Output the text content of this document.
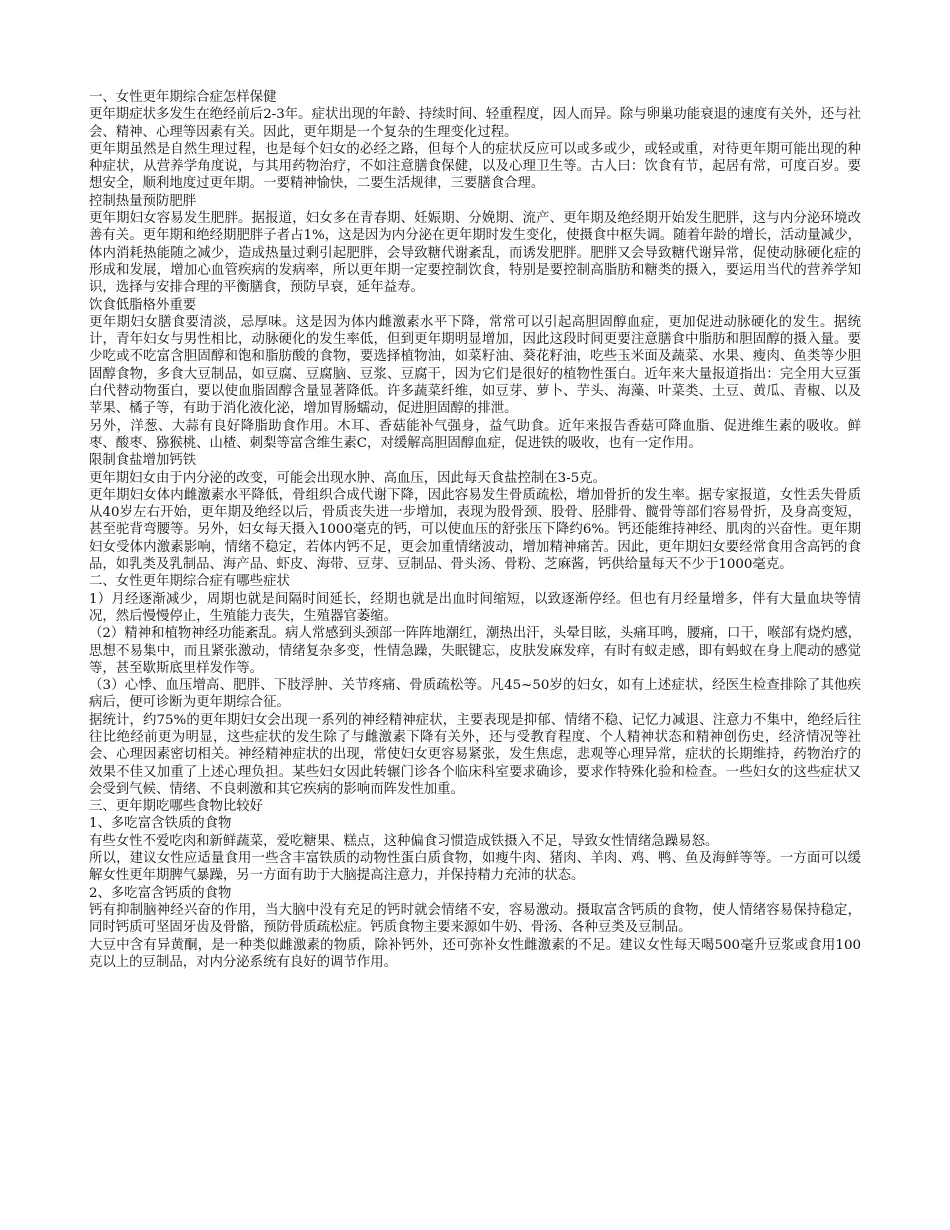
一、女性更年期综合症怎样保健

更年期症状多发生在绝经前后2-3年。症状出现的年龄、持续时间、轻重程度，因人而异。除与卵巢功能衰退的速度有关外，还与社会、精神、心理等因素有关。因此，更年期是一个复杂的生理变化过程。

更年期虽然是自然生理过程，也是每个妇女的必经之路，但每个人的症状反应可以或多或少，或轻或重，对待更年期可能出现的种种症状，从营养学角度说，与其用药物治疗，不如注意膳食保健，以及心理卫生等。古人曰：饮食有节，起居有常，可度百岁。要想安全，顺利地度过更年期。一要精神愉快，二要生活规律，三要膳食合理。

控制热量预防肥胖

更年期妇女容易发生肥胖。据报道，妇女多在青春期、妊娠期、分娩期、流产、更年期及绝经期开始发生肥胖，这与内分泌环境改善有关。更年期和绝经期肥胖子者占1%，这是因为内分泌在更年期时发生变化，使摄食中枢失调。随着年龄的增长，活动量减少，体内消耗热能随之减少，造成热量过剩引起肥胖，会导致糖代谢紊乱，而诱发肥胖。肥胖又会导致糖代谢异常，促使动脉硬化症的形成和发展，增加心血管疾病的发病率，所以更年期一定要控制饮食，特别是要控制高脂肪和糖类的摄入，要运用当代的营养学知识，选择与安排合理的平衡膳食，预防早衰，延年益寿。

饮食低脂格外重要

更年期妇女膳食要清淡，忌厚味。这是因为体内雌激素水平下降，常常可以引起高胆固醇血症，更加促进动脉硬化的发生。据统计，青年妇女与男性相比，动脉硬化的发生率低，但到更年期明显增加，因此这段时间更要注意膳食中脂肪和胆固醇的摄入量。要少吃或不吃富含胆固醇和饱和脂肪酸的食物，要选择植物油，如菜籽油、葵花籽油，吃些玉米面及蔬菜、水果、瘦肉、鱼类等少胆固醇食物，多食大豆制品，如豆腐、豆腐脑、豆浆、豆腐干，因为它们是很好的植物性蛋白。近年来大量报道指出：完全用大豆蛋白代替动物蛋白，要以使血脂固醇含量显著降低。许多蔬菜纤维，如豆芽、萝卜、芋头、海藻、叶菜类、土豆、黄瓜、青椒、以及苹果、橘子等，有助于消化液化泌，增加胃肠蠕动，促进胆固醇的排泄。

另外，洋葱、大蒜有良好降脂助食作用。木耳、香菇能补气强身，益气助食。近年来报告香菇可降血脂、促进维生素的吸收。鲜枣、酸枣、猕猴桃、山楂、刺梨等富含维生素C，对缓解高胆固醇血症，促进铁的吸收，也有一定作用。

限制食盐增加钙铁

更年期妇女由于内分泌的改变，可能会出现水肿、高血压，因此每天食盐控制在3-5克。

更年期妇女体内雌激素水平降低，骨组织合成代谢下降，因此容易发生骨质疏松，增加骨折的发生率。据专家报道，女性丢失骨质从40岁左右开始，更年期及绝经以后，骨质丧失进一步增加，表现为股骨颈、股骨、胫腓骨、髋骨等部们容易骨折，及身高变短，甚至驼背弯腰等。另外，妇女每天摄入1000毫克的钙，可以使血压的舒张压下降约6%。钙还能维持神经、肌肉的兴奋性。更年期妇女受体内激素影响，情绪不稳定，若体内钙不足，更会加重情绪波动，增加精神痛苦。因此，更年期妇女要经常食用含高钙的食品，如乳类及乳制品、海产品、虾皮、海带、豆芽、豆制品、骨头汤、骨粉、芝麻酱，钙供给量每天不少于1000毫克。

二、女性更年期综合症有哪些症状

1）月经逐渐减少，周期也就是间隔时间延长，经期也就是出血时间缩短，以致逐渐停经。但也有月经量增多，伴有大量血块等情况，然后慢慢停止，生殖能力丧失，生殖器官萎缩。

（2）精神和植物神经功能紊乱。病人常感到头颈部一阵阵地潮红，潮热出汗，头晕目眩，头痛耳鸣，腰痛，口干，喉部有烧灼感，思想不易集中，而且紧张激动，情绪复杂多变，性情急躁，失眠键忘，皮肤发麻发痒，有时有蚁走感，即有蚂蚁在身上爬动的感觉等，甚至歇斯底里样发作等。

（3）心悸、血压增高、肥胖、下肢浮肿、关节疼痛、骨质疏松等。凡45~50岁的妇女，如有上述症状，经医生检查排除了其他疾病后，便可诊断为更年期综合征。

据统计，约75%的更年期妇女会出现一系列的神经精神症状，主要表现是抑郁、情绪不稳、记忆力减退、注意力不集中，绝经后往往比绝经前更为明显，这些症状的发生除了与雌激素下降有关外，还与受教育程度、个人精神状态和精神创伤史，经济情况等社会、心理因素密切相关。神经精神症状的出现，常使妇女更容易紧张，发生焦虑，悲观等心理异常，症状的长期维持，药物治疗的效果不佳又加重了上述心理负担。某些妇女因此转辗门诊各个临床科室要求确诊，要求作特殊化验和检查。一些妇女的这些症状又会受到气候、情绪、不良刺激和其它疾病的影响而阵发性加重。

三、更年期吃哪些食物比较好

1、多吃富含铁质的食物

有些女性不爱吃肉和新鲜蔬菜，爱吃糖果、糕点，这种偏食习惯造成铁摄入不足，导致女性情绪急躁易怒。

所以，建议女性应适量食用一些含丰富铁质的动物性蛋白质食物，如瘦牛肉、猪肉、羊肉、鸡、鸭、鱼及海鲜等等。一方面可以缓解女性更年期脾气暴躁，另一方面有助于大脑提高注意力，并保持精力充沛的状态。

2、多吃富含钙质的食物

钙有抑制脑神经兴奋的作用，当大脑中没有充足的钙时就会情绪不安，容易激动。摄取富含钙质的食物，使人情绪容易保持稳定，同时钙质可坚固牙齿及骨骼，预防骨质疏松症。钙质食物主要来源如牛奶、骨汤、各种豆类及豆制品。

大豆中含有异黄酮，是一种类似雌激素的物质，除补钙外，还可弥补女性雌激素的不足。建议女性每天喝500毫升豆浆或食用100克以上的豆制品，对内分泌系统有良好的调节作用。
